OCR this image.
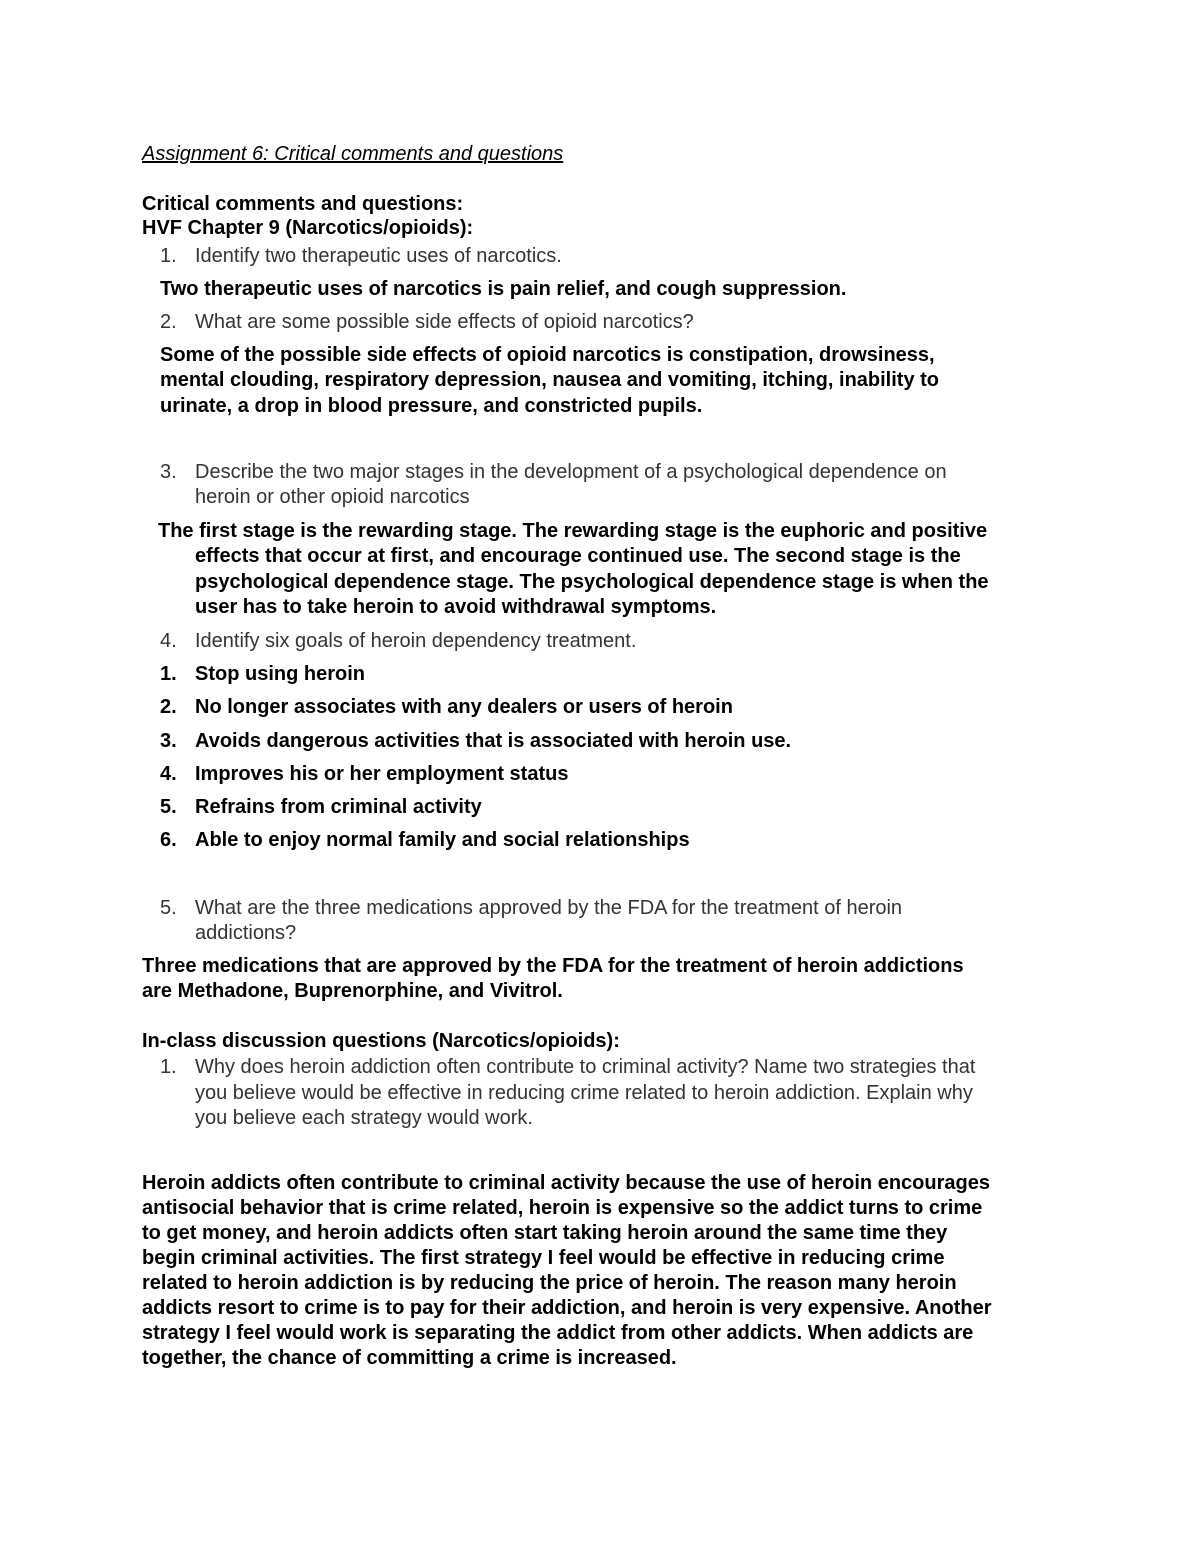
Assignment 6: Critical comments and questions
Critical comments and questions:
HVF Chapter 9 (Narcotics/opioids):
1. Identify two therapeutic uses of narcotics.
Two therapeutic uses of narcotics is pain relief, and cough suppression.
2. What are some possible side effects of opioid narcotics?
Some of the possible side effects of opioid narcotics is constipation, drowsiness,
mental clouding, respiratory depression, nausea and vomiting, itching, inability to
urinate, a drop in blood pressure, and constricted pupils.
3. Describe the two major stages in the development of a psychological dependence on
heroin or other opioid narcotics
The first stage is the rewarding stage. The rewarding stage is the euphoric and positive
effects that occur at first, and encourage continued use. The second stage is the
psychological dependence stage. The psychological dependence stage is when the
user has to take heroin to avoid withdrawal symptoms.
4. Identify six goals of heroin dependency treatment.
1. Stop using heroin
2. No longer associates with any dealers or users of heroin
3. Avoids dangerous activities that is associated with heroin use.
4. Improves his or her employment status
5. Refrains from criminal activity
6. Able to enjoy normal family and social relationships
5. What are the three medications approved by the FDA for the treatment of heroin
addictions?
Three medications that are approved by the FDA for the treatment of heroin addictions
are Methadone, Buprenorphine, and Vivitrol.
In-class discussion questions (Narcotics/opioids):
1. Why does heroin addiction often contribute to criminal activity? Name two strategies that
you believe would be effective in reducing crime related to heroin addiction. Explain why
you believe each strategy would work.
Heroin addicts often contribute to criminal activity because the use of heroin encourages
antisocial behavior that is crime related, heroin is expensive so the addict turns to crime
to get money, and heroin addicts often start taking heroin around the same time they
begin criminal activities. The first strategy I feel would be effective in reducing crime
related to heroin addiction is by reducing the price of heroin. The reason many heroin
addicts resort to crime is to pay for their addiction, and heroin is very expensive. Another
strategy I feel would work is separating the addict from other addicts. When addicts are
together, the chance of committing a crime is increased.
